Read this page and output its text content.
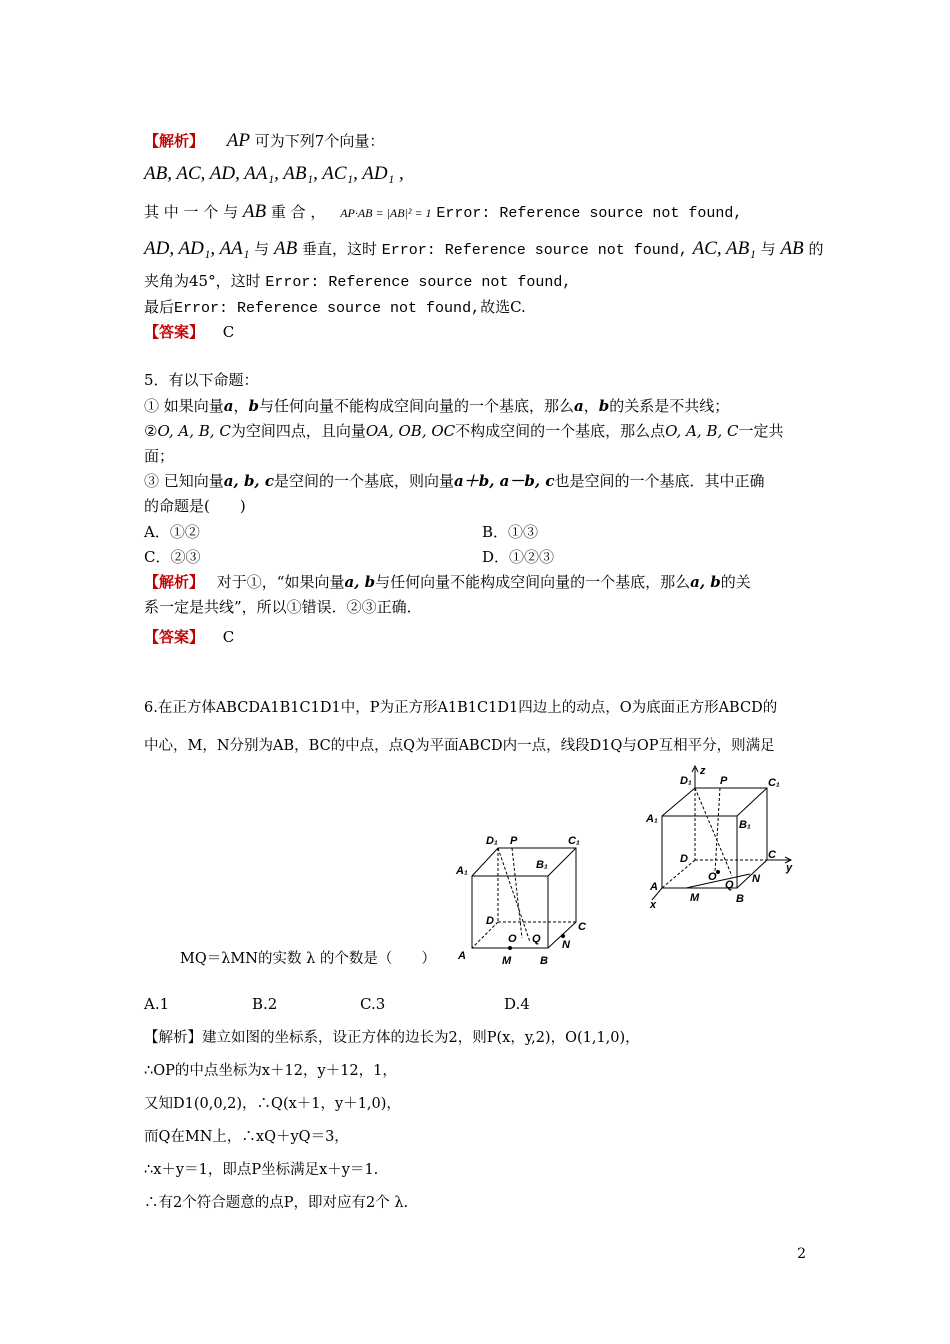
【解析】 AP 可为下列7个向量：
AB, AC, AD, AA₁, AB₁, AC₁, AD₁ ,
其 中 一 个 与 AB 重 合 ， AP·AB = |AB|² = 1 Error: Reference source not found,
AD, AD₁, AA₁ 与 AB 垂直，这时 Error: Reference source not found, AC, AB₁ 与 AB 的
夹角为45°，这时 Error: Reference source not found,
最后Error: Reference source not found,故选C.
【答案】 C
5．有以下命题：
① 如果向量a，b与任何向量不能构成空间向量的一个基底，那么a，b的关系是不共线；
②O, A, B, C为空间四点，且向量OA, OB, OC不构成空间的一个基底，那么点O, A, B, C一定共
面；
③ 已知向量a, b, c是空间的一个基底，则向量a＋b, a－b, c也是空间的一个基底．其中正确
的命题是(　　)
A．①②	B．①③
C．②③	D．①②③
【解析】 对于①，“如果向量a, b与任何向量不能构成空间向量的一个基底，那么a, b的关
系一定是共线”，所以①错误．②③正确．
【答案】 C
6.在正方体ABCDA1B1C1D1中，P为正方形A1B1C1D1四边上的动点，O为底面正方形ABCD的
中心，M，N分别为AB，BC的中点，点Q为平面ABCD内一点，线段D1Q与OP互相平分，则满足
D₁
z
P	C₁
A₁	B₁
D	C
y
O
Q N
A
x
M	B
D₁ P	C₁
A₁	B₁
D	C
O Q N
A	M	B
MQ＝λMN的实数 λ 的个数是（　　）
A.1	B.2	C.3	D.4
【解析】建立如图的坐标系，设正方体的边长为2，则P(x，y,2)，O(1,1,0)，
∴OP的中点坐标为x＋12，y＋12，1，
又知D1(0,0,2)，∴Q(x＋1，y＋1,0)，
而Q在MN上，∴xQ＋yQ＝3，
∴x＋y＝1，即点P坐标满足x＋y＝1.
∴有2个符合题意的点P，即对应有2个 λ.
2
